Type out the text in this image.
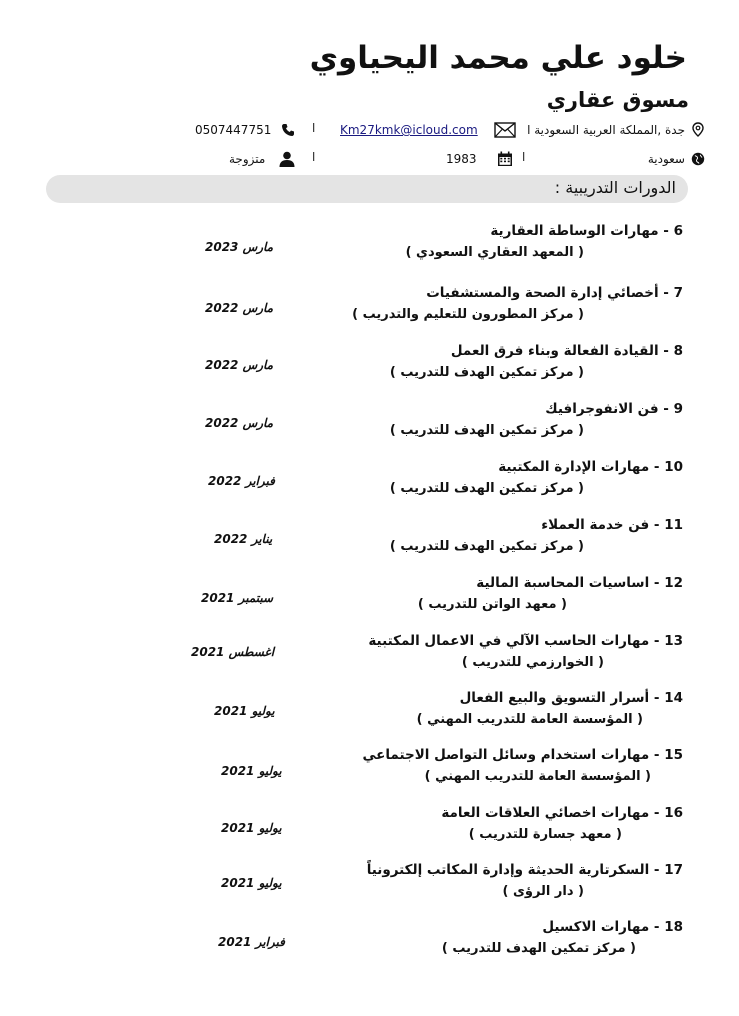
خلود علي محمد اليحياوي
مسوق عقاري
جدة ,المملكة العربية السعودية ا
Km27kmk@icloud.com
ا
0507447751
سعودية
ا
1983
ا
متزوجة
الدورات التدريبية :
6 - مهارات الوساطة العقارية
( المعهد العقاري السعودي )
مارس 2023
7 - أخصائي إدارة الصحة والمستشفيات
( مركز المطورون للتعليم والتدريب )
مارس 2022
8 - القيادة الفعالة وبناء فرق العمل
( مركز تمكين الهدف للتدريب )
مارس 2022
9 - فن الانفوجرافيك
( مركز تمكين الهدف للتدريب )
مارس 2022
10 - مهارات الإدارة المكتبية
( مركز تمكين الهدف للتدريب )
فبراير 2022
11 - فن خدمة العملاء
( مركز تمكين الهدف للتدريب )
يناير 2022
12 - اساسيات المحاسبة المالية
( معهد الواتن للتدريب )
سبتمبر 2021
13 - مهارات الحاسب الآلي في الاعمال المكتبية
( الخوارزمي للتدريب )
اغسطس 2021
14 - أسرار التسويق والبيع الفعال
( المؤسسة العامة للتدريب المهني )
يوليو 2021
15 - مهارات استخدام وسائل التواصل الاجتماعي
( المؤسسة العامة للتدريب المهني )
يوليو 2021
16 - مهارات اخصائي العلاقات العامة
( معهد جسارة للتدريب )
يوليو 2021
17 - السكرتارية الحديثة وإدارة المكاتب إلكترونياً
( دار الرؤى )
يوليو 2021
18 - مهارات الاكسيل
( مركز تمكين الهدف للتدريب )
فبراير 2021
